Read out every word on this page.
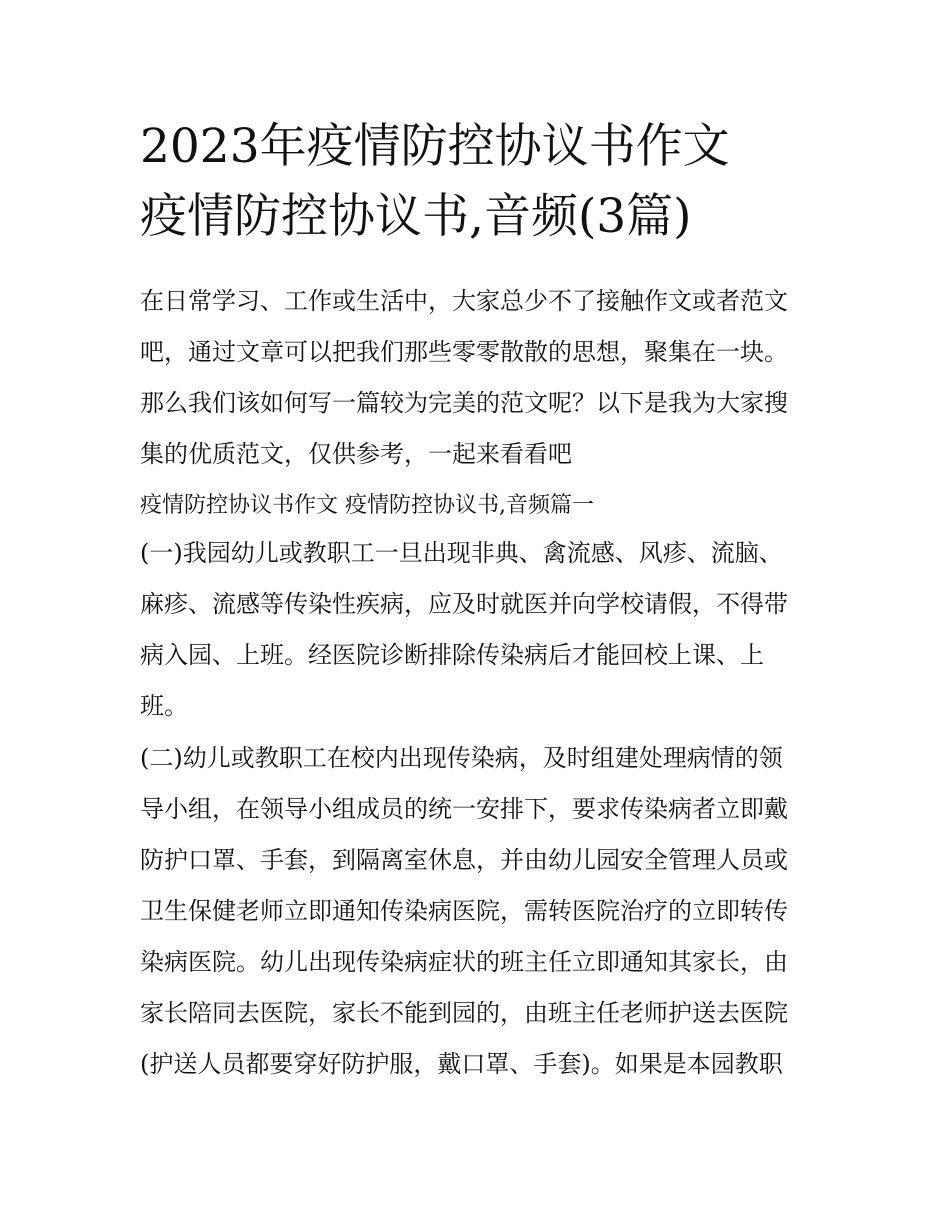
2023年疫情防控协议书作文
疫情防控协议书,音频(3篇)
在日常学习、工作或生活中，大家总少不了接触作文或者范文
吧，通过文章可以把我们那些零零散散的思想，聚集在一块。
那么我们该如何写一篇较为完美的范文呢？以下是我为大家搜
集的优质范文，仅供参考，一起来看看吧
疫情防控协议书作文 疫情防控协议书,音频篇一
(一)我园幼儿或教职工一旦出现非典、禽流感、风疹、流脑、
麻疹、流感等传染性疾病，应及时就医并向学校请假，不得带
病入园、上班。经医院诊断排除传染病后才能回校上课、上
班。
(二)幼儿或教职工在校内出现传染病，及时组建处理病情的领
导小组，在领导小组成员的统一安排下，要求传染病者立即戴
防护口罩、手套，到隔离室休息，并由幼儿园安全管理人员或
卫生保健老师立即通知传染病医院，需转医院治疗的立即转传
染病医院。幼儿出现传染病症状的班主任立即通知其家长，由
家长陪同去医院，家长不能到园的，由班主任老师护送去医院
(护送人员都要穿好防护服，戴口罩、手套)。如果是本园教职
